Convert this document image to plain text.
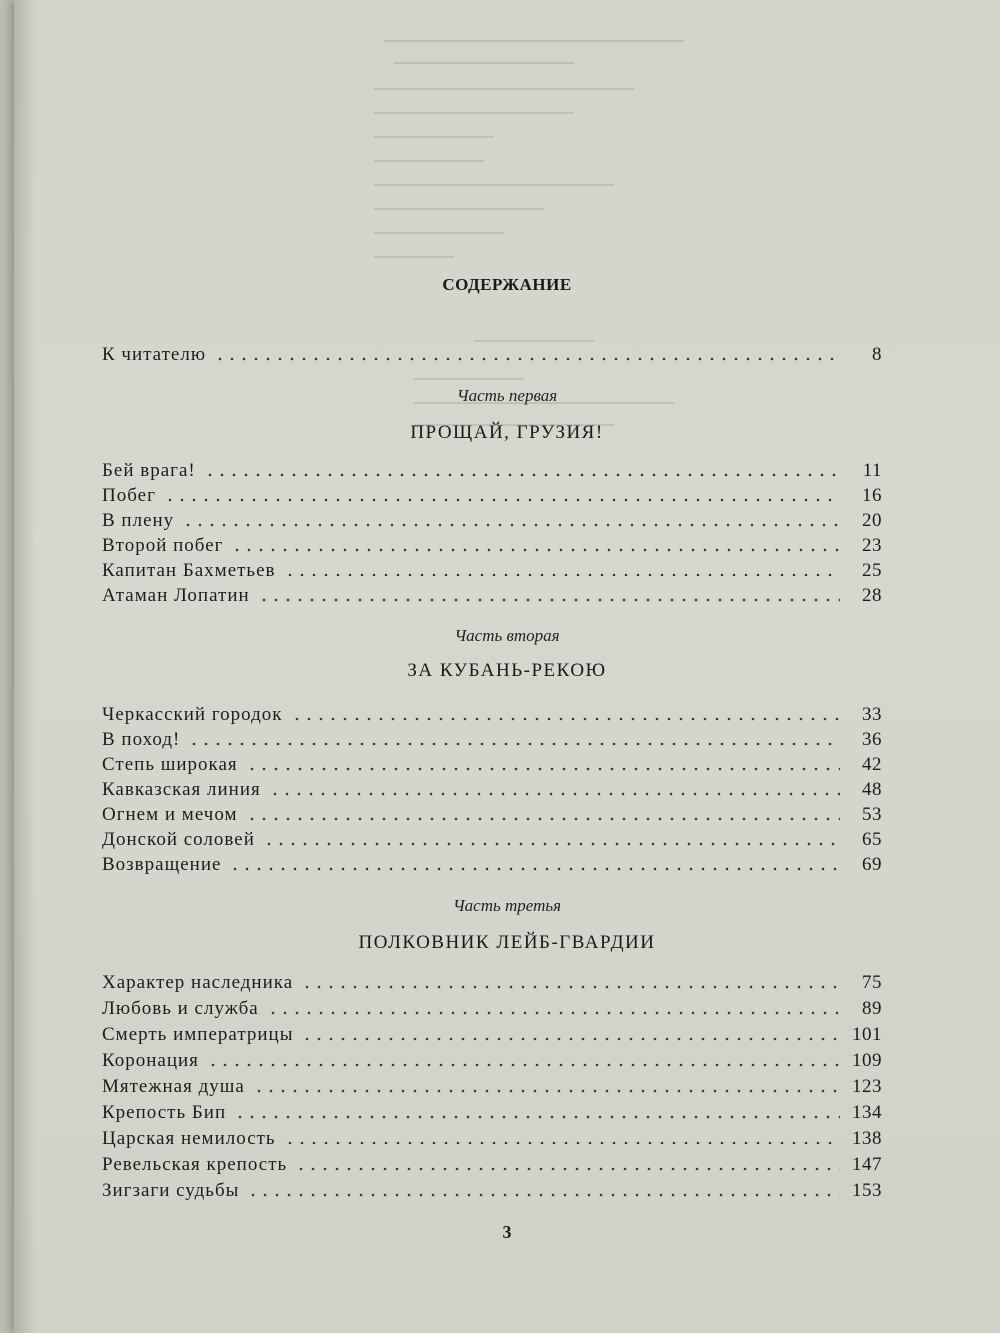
СОДЕРЖАНИЕ
К читателю	8
Часть первая
ПРОЩАЙ, ГРУЗИЯ!
Бей врага!	11
Побег	16
В плену	20
Второй побег	23
Капитан Бахметьев	25
Атаман Лопатин	28
Часть вторая
ЗА КУБАНЬ-РЕКОЮ
Черкасский городок	33
В поход!	36
Степь широкая	42
Кавказская линия	48
Огнем и мечом	53
Донской соловей	65
Возвращение	69
Часть третья
ПОЛКОВНИК ЛЕЙБ-ГВАРДИИ
Характер наследника	75
Любовь и служба	89
Смерть императрицы	101
Коронация	109
Мятежная душа	123
Крепость Бип	134
Царская немилость	138
Ревельская крепость	147
Зигзаги судьбы	153
3
